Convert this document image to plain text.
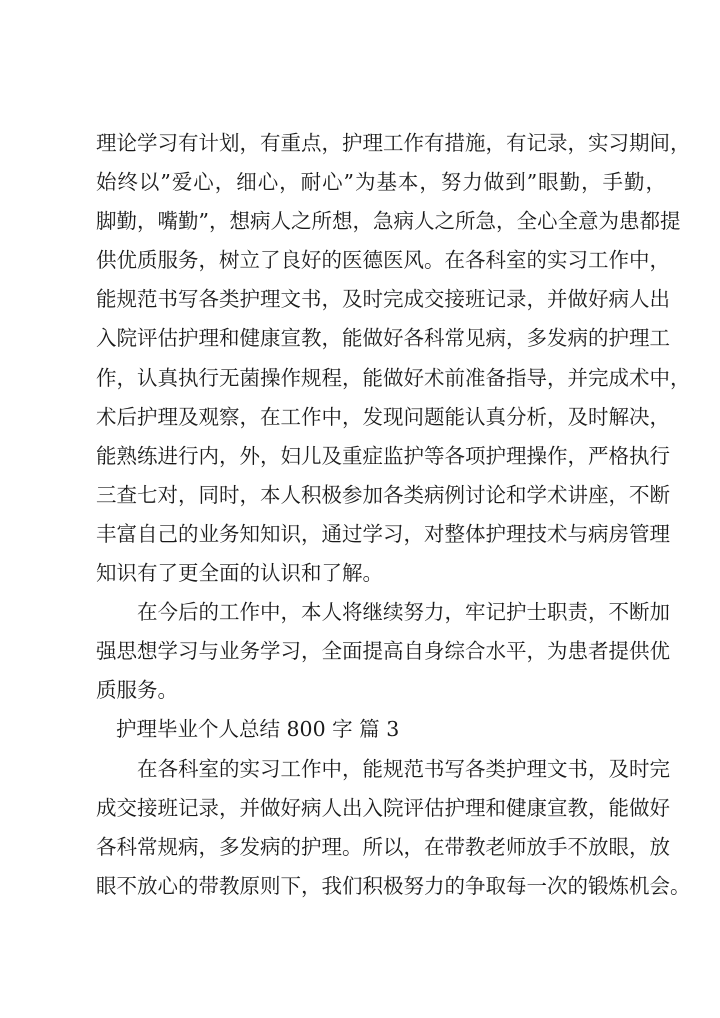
理论学习有计划，有重点，护理工作有措施，有记录，实习期间，
始终以”爱心，细心，耐心”为基本，努力做到”眼勤，手勤，
脚勤，嘴勤”，想病人之所想，急病人之所急，全心全意为患都提
供优质服务，树立了良好的医德医风。在各科室的实习工作中，
能规范书写各类护理文书，及时完成交接班记录，并做好病人出
入院评估护理和健康宣教，能做好各科常见病，多发病的护理工
作，认真执行无菌操作规程，能做好术前准备指导，并完成术中，
术后护理及观察，在工作中，发现问题能认真分析，及时解决，
能熟练进行内，外，妇儿及重症监护等各项护理操作，严格执行
三查七对，同时，本人积极参加各类病例讨论和学术讲座，不断
丰富自己的业务知知识，通过学习，对整体护理技术与病房管理
知识有了更全面的认识和了解。
在今后的工作中，本人将继续努力，牢记护士职责，不断加
强思想学习与业务学习，全面提高自身综合水平，为患者提供优
质服务。
护理毕业个人总结 800 字 篇 3
在各科室的实习工作中，能规范书写各类护理文书，及时完
成交接班记录，并做好病人出入院评估护理和健康宣教，能做好
各科常规病，多发病的护理。所以，在带教老师放手不放眼，放
眼不放心的带教原则下，我们积极努力的争取每一次的锻炼机会。
